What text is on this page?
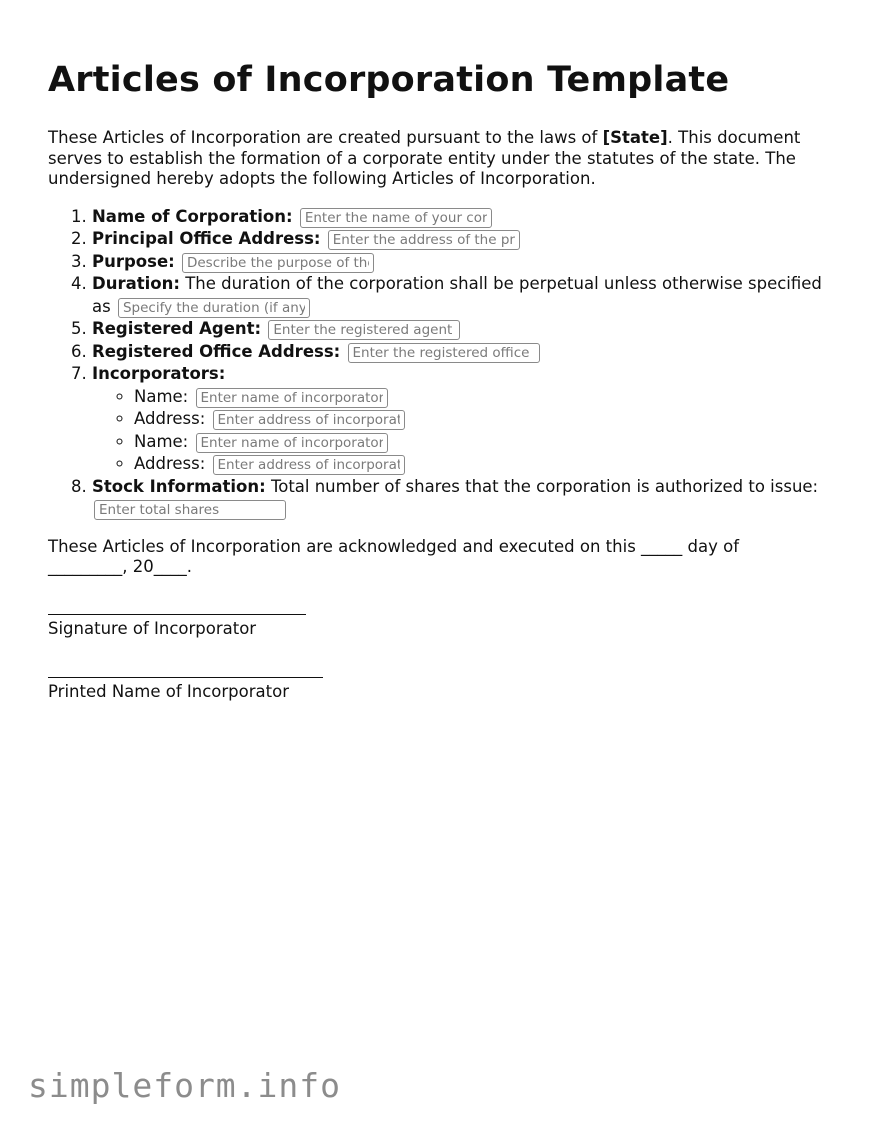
Articles of Incorporation Template

These Articles of Incorporation are created pursuant to the laws of [State]. This document serves to establish the formation of a corporate entity under the statutes of the state. The undersigned hereby adopts the following Articles of Incorporation.

1. Name of Corporation: Enter the name of your corporation
2. Principal Office Address: Enter the address of the principal office
3. Purpose: Describe the purpose of the corporation
4. Duration: The duration of the corporation shall be perpetual unless otherwise specified as Specify the duration (if any)
5. Registered Agent: Enter the registered agent
6. Registered Office Address: Enter the registered office
7. Incorporators:
◦ Name: Enter name of incorporator
◦ Address: Enter address of incorporator
◦ Name: Enter name of incorporator
◦ Address: Enter address of incorporator
8. Stock Information: Total number of shares that the corporation is authorized to issue: Enter total shares

These Articles of Incorporation are acknowledged and executed on this _____ day of _________, 20____.

Signature of Incorporator
Printed Name of Incorporator
simpleform.info
